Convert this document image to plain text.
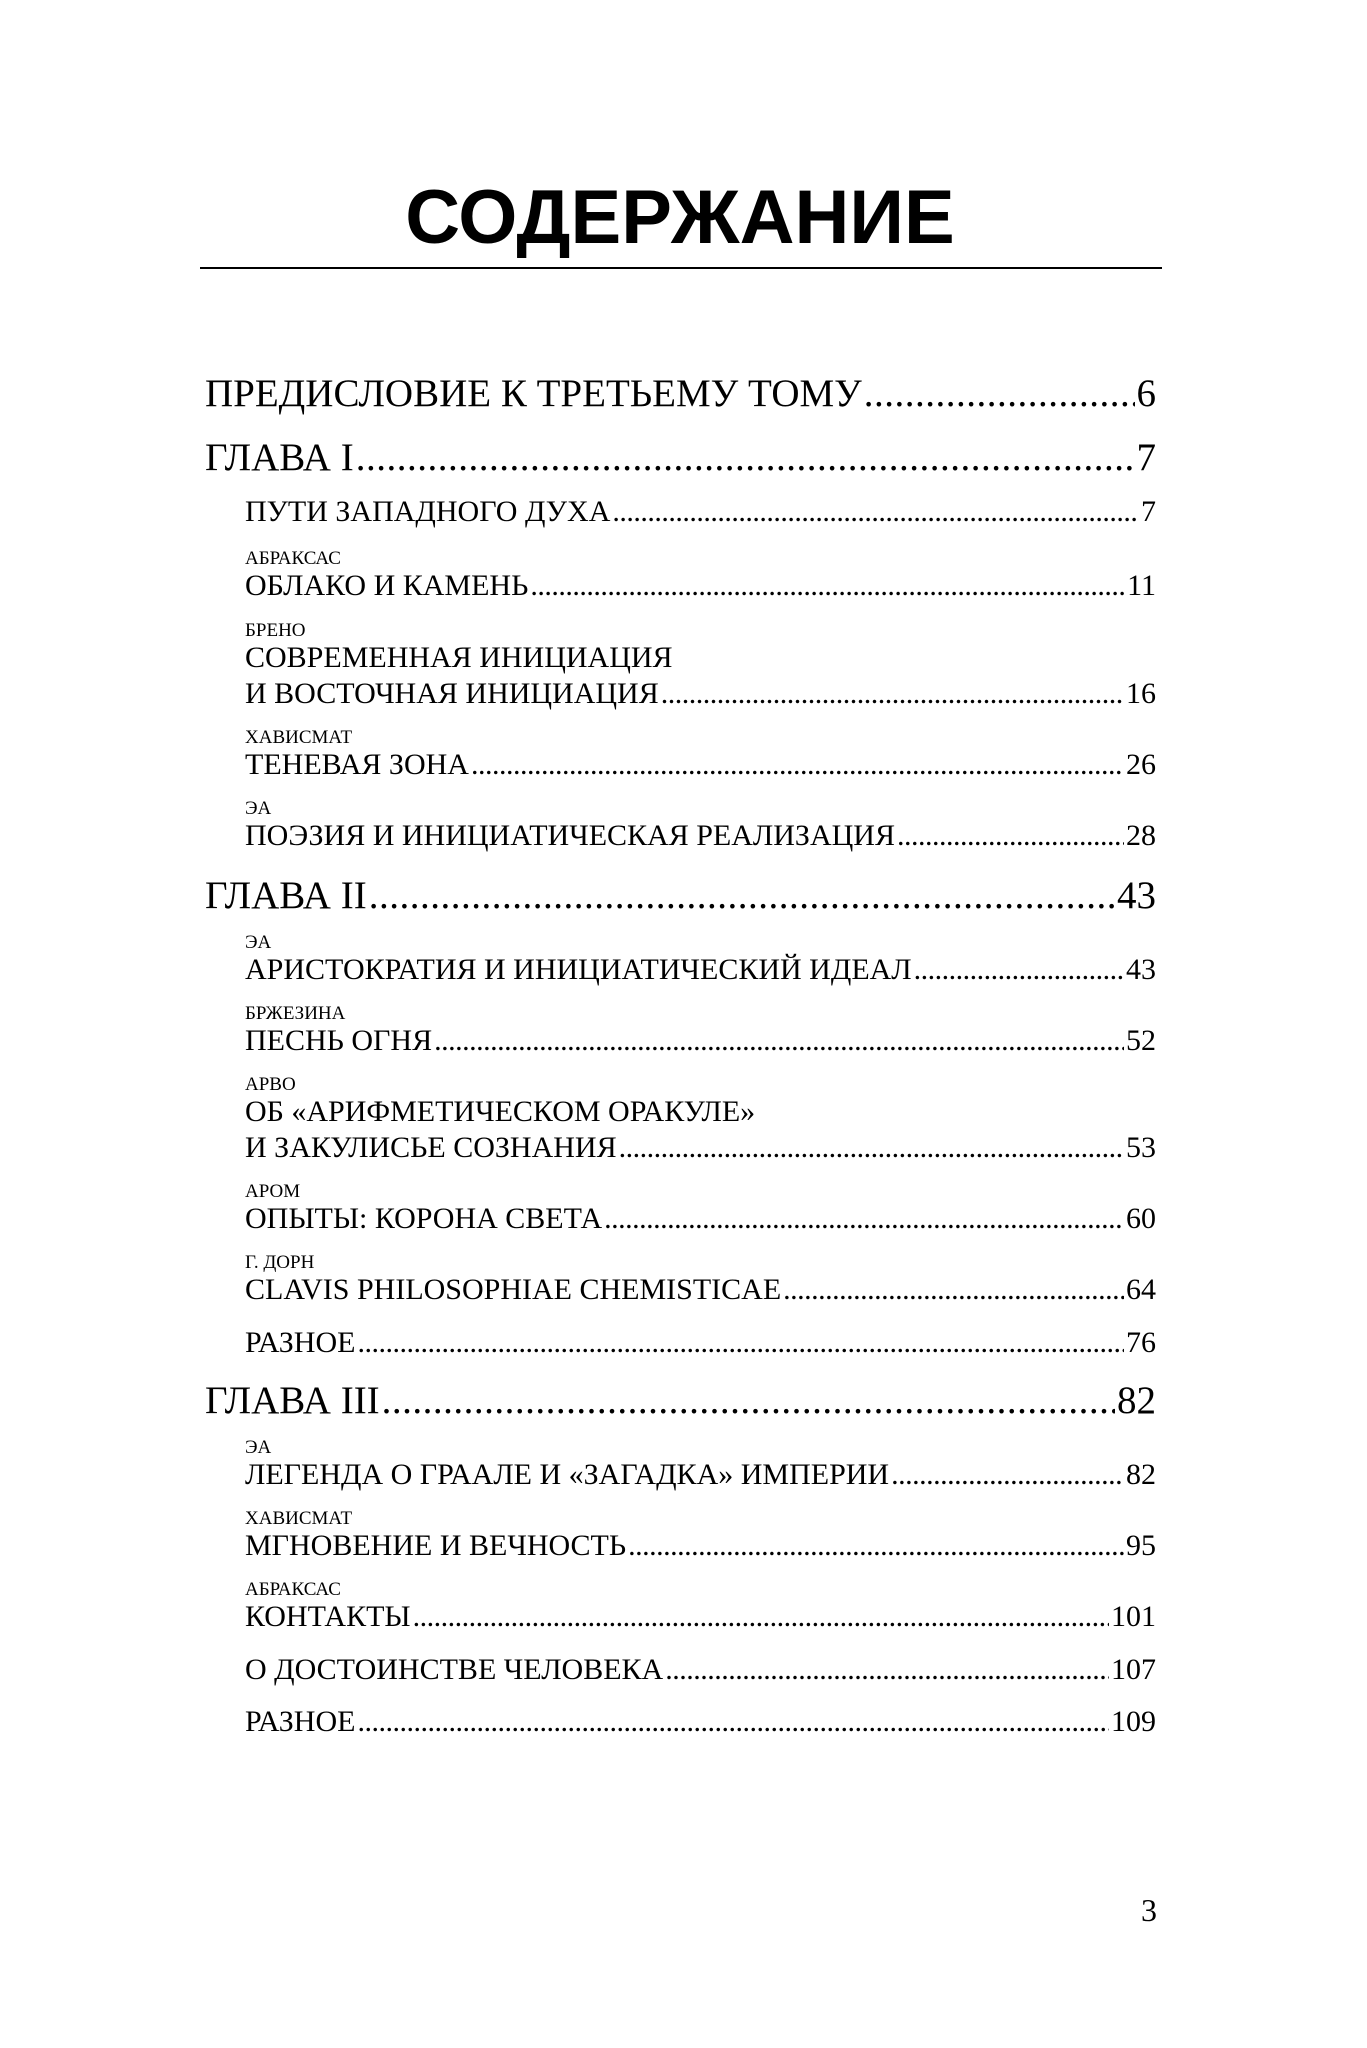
СОДЕРЖАНИЕ
ПРЕДИСЛОВИЕ К ТРЕТЬЕМУ ТОМУ .....	6
ГЛАВА I .....	7
ПУТИ ЗАПАДНОГО ДУХА .....	7
АБРАКСАС
ОБЛАКО И КАМЕНЬ .....	11
БРЕНО
СОВРЕМЕННАЯ ИНИЦИАЦИЯ
И ВОСТОЧНАЯ ИНИЦИАЦИЯ .....	16
ХАВИСМАТ
ТЕНЕВАЯ ЗОНА .....	26
ЭА
ПОЭЗИЯ И ИНИЦИАТИЧЕСКАЯ РЕАЛИЗАЦИЯ .....	28
ГЛАВА II .....	43
ЭА
АРИСТОКРАТИЯ И ИНИЦИАТИЧЕСКИЙ ИДЕАЛ .....	43
БРЖЕЗИНА
ПЕСНЬ ОГНЯ .....	52
АРВО
ОБ «АРИФМЕТИЧЕСКОМ ОРАКУЛЕ»
И ЗАКУЛИСЬЕ СОЗНАНИЯ .....	53
АРОМ
ОПЫТЫ: КОРОНА СВЕТА .....	60
Г. ДОРН
CLAVIS PHILOSOPHIAE CHEMISTICAE .....	64
РАЗНОЕ .....	76
ГЛАВА III .....	82
ЭА
ЛЕГЕНДА О ГРААЛЕ И «ЗАГАДКА» ИМПЕРИИ .....	82
ХАВИСМАТ
МГНОВЕНИЕ И ВЕЧНОСТЬ .....	95
АБРАКСАС
КОНТАКТЫ .....	101
О ДОСТОИНСТВЕ ЧЕЛОВЕКА .....	107
РАЗНОЕ .....	109
3
